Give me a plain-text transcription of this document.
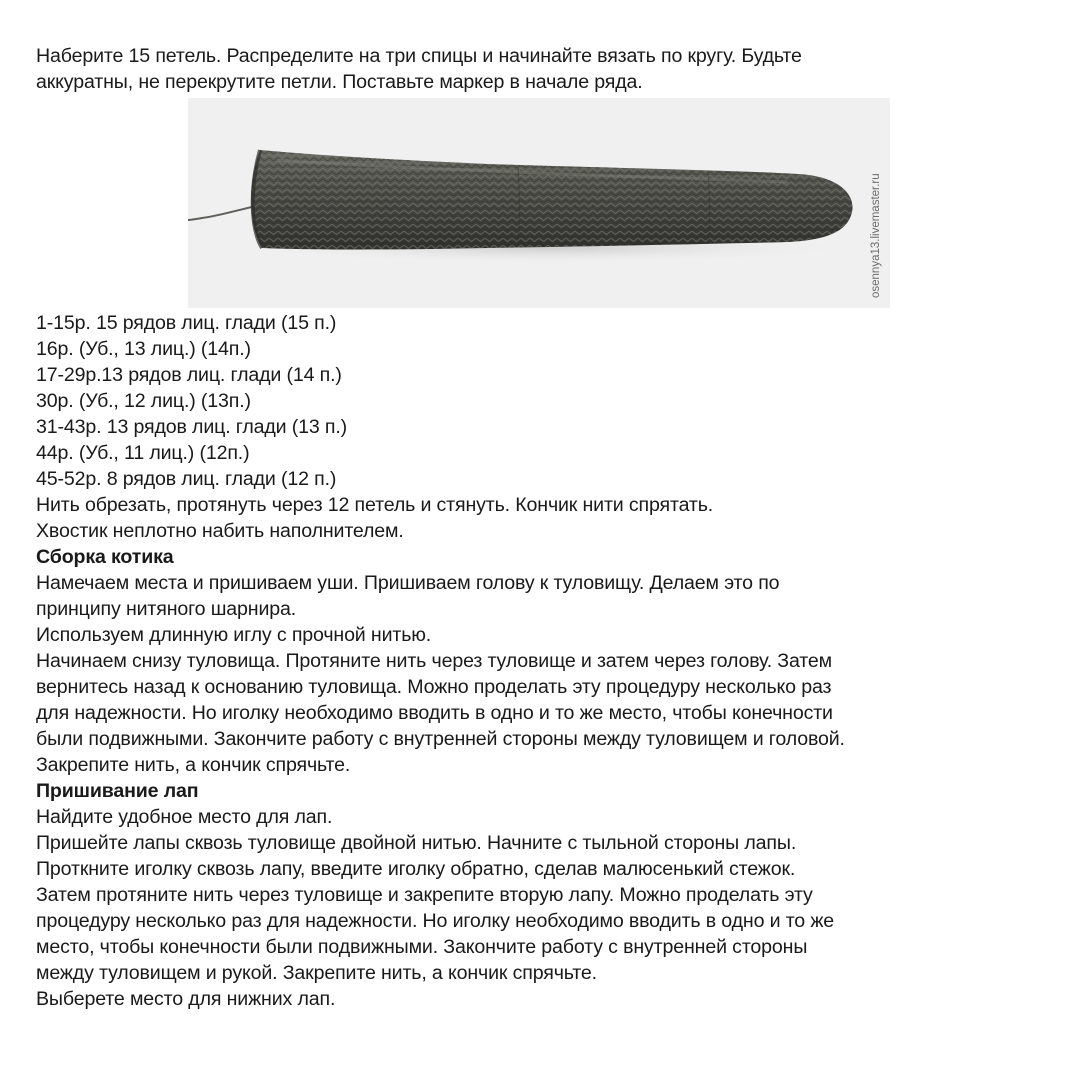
Наберите 15 петель. Распределите на три спицы и начинайте вязать по кругу. Будьте

аккуратны, не перекрутите петли. Поставьте маркер в начале ряда.

osennya13.livemaster.ru
1-15р. 15 рядов лиц. глади (15 п.)
16р. (Уб., 13 лиц.) (14п.)
17-29р.13 рядов лиц. глади (14 п.)
30р. (Уб., 12 лиц.) (13п.)
31-43р. 13 рядов лиц. глади (13 п.)
44р. (Уб., 11 лиц.) (12п.)
45-52р. 8 рядов лиц. глади (12 п.)
Нить обрезать, протянуть через 12 петель и стянуть. Кончик нити спрятать.
Хвостик неплотно набить наполнителем.
Сборка котика
Намечаем места и пришиваем уши. Пришиваем голову к туловищу. Делаем это по
принципу нитяного шарнира.
Используем длинную иглу с прочной нитью.
Начинаем снизу туловища. Протяните нить через туловище и затем через голову. Затем
вернитесь назад к основанию туловища. Можно проделать эту процедуру несколько раз
для надежности. Но иголку необходимо вводить в одно и то же место, чтобы конечности
были подвижными. Закончите работу с внутренней стороны между туловищем и головой.
Закрепите нить, а кончик спрячьте.
Пришивание лап
Найдите удобное место для лап.
Пришейте лапы сквозь туловище двойной нитью. Начните с тыльной стороны лапы.
Проткните иголку сквозь лапу, введите иголку обратно, сделав малюсенький стежок.
Затем протяните нить через туловище и закрепите вторую лапу. Можно проделать эту
процедуру несколько раз для надежности. Но иголку необходимо вводить в одно и то же
место, чтобы конечности были подвижными. Закончите работу с внутренней стороны
между туловищем и рукой. Закрепите нить, а кончик спрячьте.
Выберете место для нижних лап.
